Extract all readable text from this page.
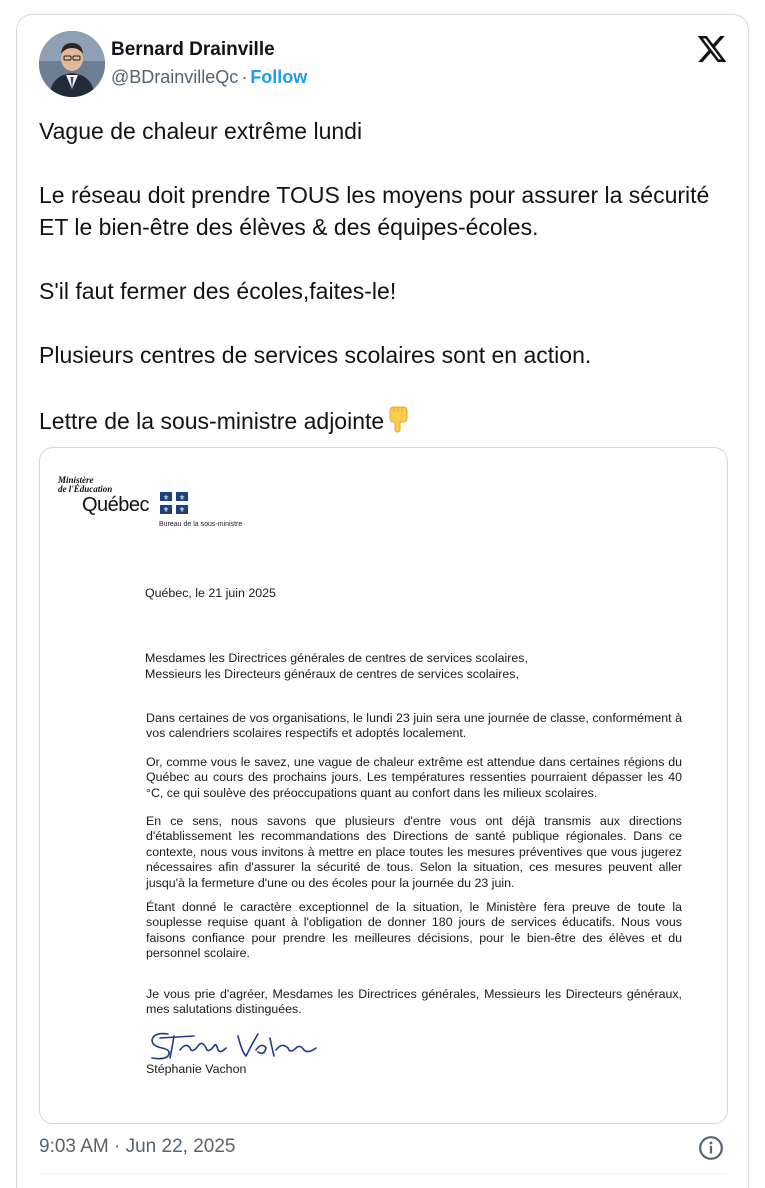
Bernard Drainville
@BDrainvilleQc · Follow

Vague de chaleur extrême lundi

Le réseau doit prendre TOUS les moyens pour assurer la sécurité ET le bien-être des élèves & des équipes-écoles.

S'il faut fermer des écoles,faites-le!

Plusieurs centres de services scolaires sont en action.

Lettre de la sous-ministre adjointe

Ministère
de l'Éducation
Québec ⚜ ⚜
⚜ ⚜
Bureau de la sous-ministre
Québec, le 21 juin 2025
Mesdames les Directrices générales de centres de services scolaires,
Messieurs les Directeurs généraux de centres de services scolaires,
Dans certaines de vos organisations, le lundi 23 juin sera une journée de classe, conformément à vos calendriers scolaires respectifs et adoptés localement.
Or, comme vous le savez, une vague de chaleur extrême est attendue dans certaines régions du Québec au cours des prochains jours. Les températures ressenties pourraient dépasser les 40 °C, ce qui soulève des préoccupations quant au confort dans les milieux scolaires.
En ce sens, nous savons que plusieurs d'entre vous ont déjà transmis aux directions d'établissement les recommandations des Directions de santé publique régionales. Dans ce contexte, nous vous invitons à mettre en place toutes les mesures préventives que vous jugerez nécessaires afin d'assurer la sécurité de tous. Selon la situation, ces mesures peuvent aller jusqu'à la fermeture d'une ou des écoles pour la journée du 23 juin.
Étant donné le caractère exceptionnel de la situation, le Ministère fera preuve de toute la souplesse requise quant à l'obligation de donner 180 jours de services éducatifs. Nous vous faisons confiance pour prendre les meilleures décisions, pour le bien-être des élèves et du personnel scolaire.
Je vous prie d'agréer, Mesdames les Directrices générales, Messieurs les Directeurs généraux, mes salutations distinguées.
Stéphanie Vachon
9:03 AM · Jun 22, 2025
